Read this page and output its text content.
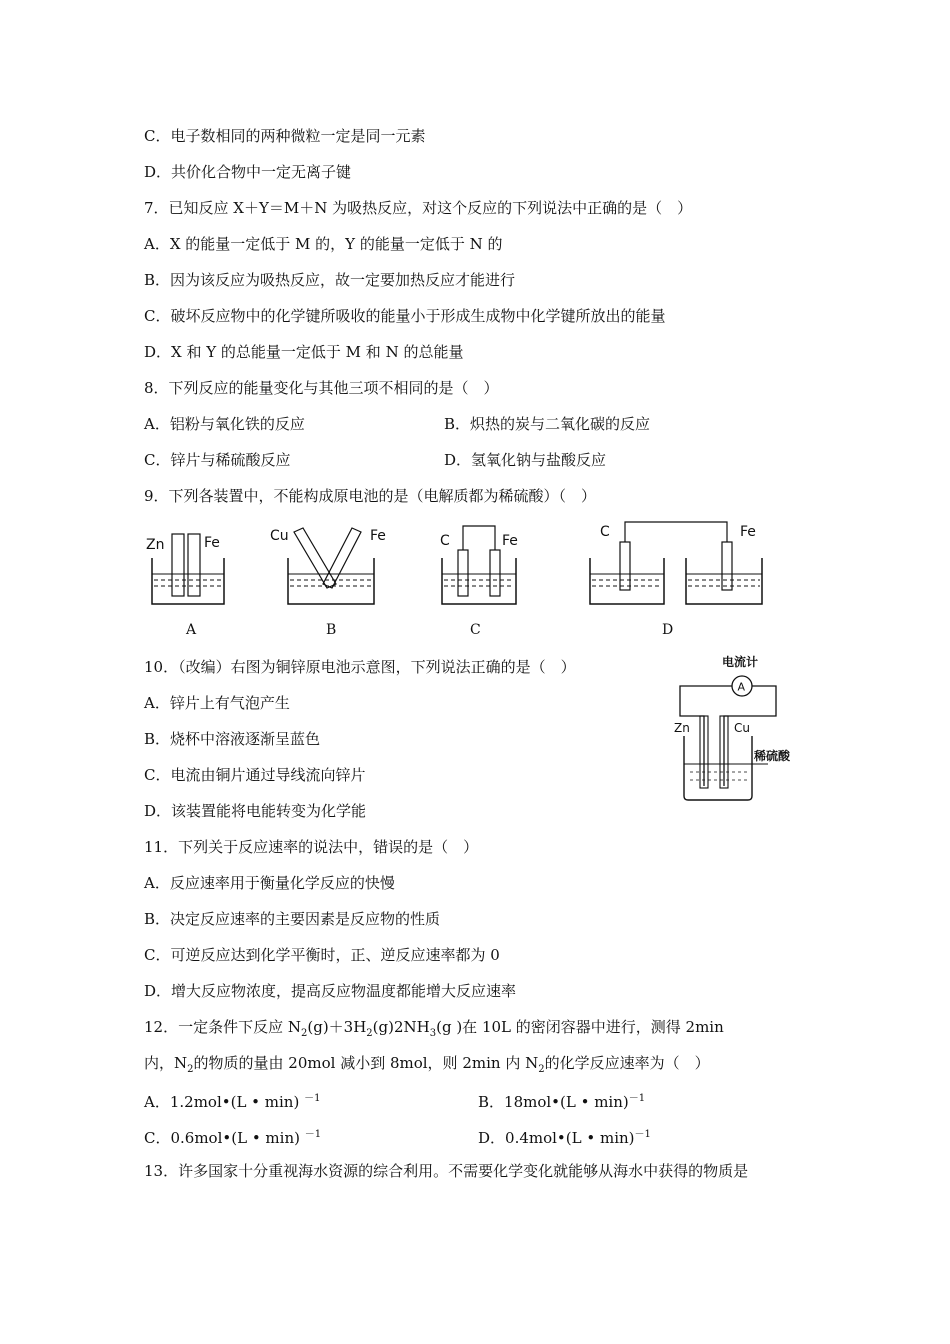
C．电子数相同的两种微粒一定是同一元素
D．共价化合物中一定无离子键
7．已知反应 X＋Y＝M＋N 为吸热反应，对这个反应的下列说法中正确的是（　）
A．X 的能量一定低于 M 的，Y 的能量一定低于 N 的
B．因为该反应为吸热反应，故一定要加热反应才能进行
C．破坏反应物中的化学键所吸收的能量小于形成生成物中化学键所放出的能量
D．X 和 Y 的总能量一定低于 M 和 N 的总能量
8．下列反应的能量变化与其他三项不相同的是（　）
A．铝粉与氧化铁的反应	B．炽热的炭与二氧化碳的反应
C．锌片与稀硫酸反应	D．氢氧化钠与盐酸反应
9．下列各装置中，不能构成原电池的是（电解质都为稀硫酸）（　）
Zn	Fe
A
Cu	Fe
B
C	Fe
C
C	Fe
D
10．（改编）右图为铜锌原电池示意图，下列说法正确的是（　）
A．锌片上有气泡产生
B．烧杯中溶液逐渐呈蓝色
C．电流由铜片通过导线流向锌片
D．该装置能将电能转变为化学能
电流计
A
Zn	Cu
稀硫酸
11．下列关于反应速率的说法中，错误的是（　）
A．反应速率用于衡量化学反应的快慢
B．决定反应速率的主要因素是反应物的性质
C．可逆反应达到化学平衡时，正、逆反应速率都为 0
D．增大反应物浓度，提高反应物温度都能增大反应速率
12．一定条件下反应 $N_2(g)+3H_2(g)2NH_3(g$ )在 10L 的密闭容器中进行，测得 2min
内，$N_2$的物质的量由 20mol 减小到 8mol，则 2min 内 $N_2$的化学反应速率为（　）
A．1.2mol•(L • min) $^{-1}$	B．18mol•(L • min)$^{-1}$
C．0.6mol•(L • min) $^{-1}$	D．0.4mol•(L • min)$^{-1}$
13．许多国家十分重视海水资源的综合利用。不需要化学变化就能够从海水中获得的物质是
